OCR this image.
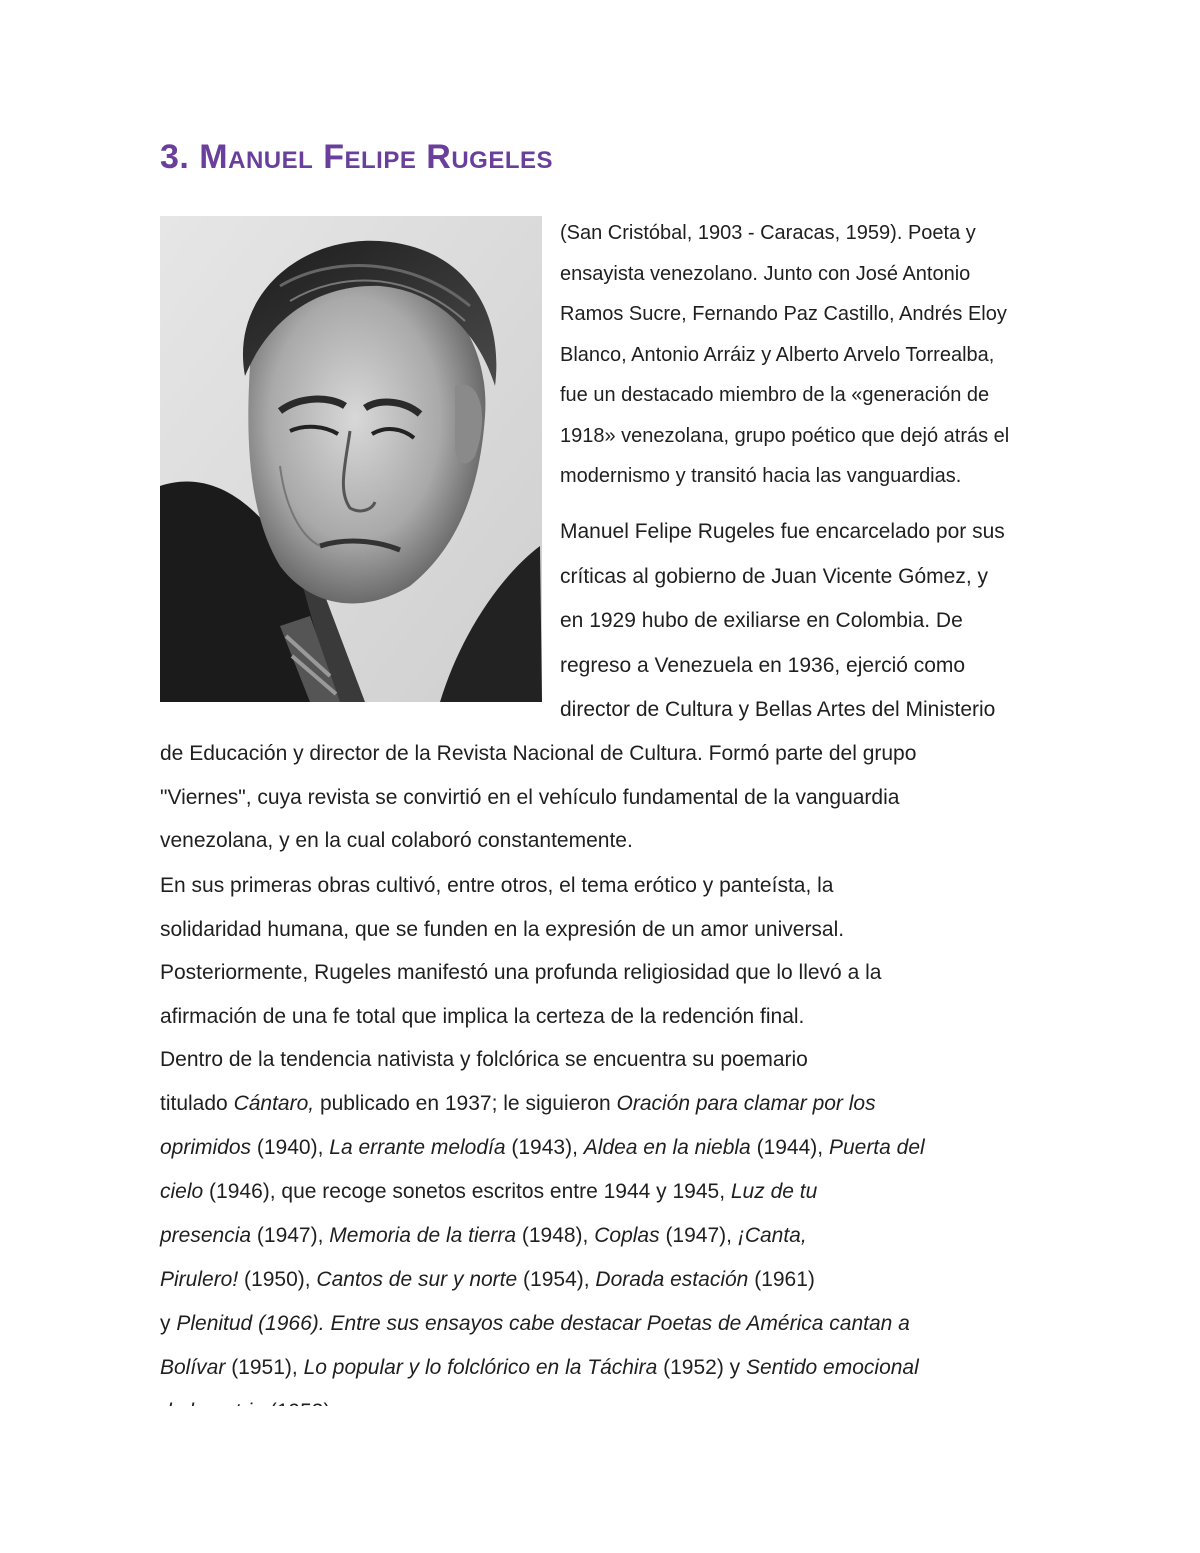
3. Manuel Felipe Rugeles

(San Cristóbal, 1903 - Caracas, 1959). Poeta y
ensayista venezolano. Junto con José Antonio
Ramos Sucre, Fernando Paz Castillo, Andrés Eloy
Blanco, Antonio Arráiz y Alberto Arvelo Torrealba,
fue un destacado miembro de la «generación de
1918» venezolana, grupo poético que dejó atrás el
modernismo y transitó hacia las vanguardias.

Manuel Felipe Rugeles fue encarcelado por sus
críticas al gobierno de Juan Vicente Gómez, y
en 1929 hubo de exiliarse en Colombia. De
regreso a Venezuela en 1936, ejerció como
director de Cultura y Bellas Artes del Ministerio

de Educación y director de la Revista Nacional de Cultura. Formó parte del grupo
"Viernes", cuya revista se convirtió en el vehículo fundamental de la vanguardia
venezolana, y en la cual colaboró constantemente.

En sus primeras obras cultivó, entre otros, el tema erótico y panteísta, la
solidaridad humana, que se funden en la expresión de un amor universal.
Posteriormente, Rugeles manifestó una profunda religiosidad que lo llevó a la
afirmación de una fe total que implica la certeza de la redención final.

Dentro de la tendencia nativista y folclórica se encuentra su poemario
titulado Cántaro, publicado en 1937; le siguieron Oración para clamar por los
oprimidos (1940), La errante melodía (1943), Aldea en la niebla (1944), Puerta del
cielo (1946), que recoge sonetos escritos entre 1944 y 1945, Luz de tu
presencia (1947), Memoria de la tierra (1948), Coplas (1947), ¡Canta,
Pirulero! (1950), Cantos de sur y norte (1954), Dorada estación (1961)
y Plenitud (1966). Entre sus ensayos cabe destacar Poetas de América cantan a
Bolívar (1951), Lo popular y lo folclórico en la Táchira (1952) y Sentido emocional
